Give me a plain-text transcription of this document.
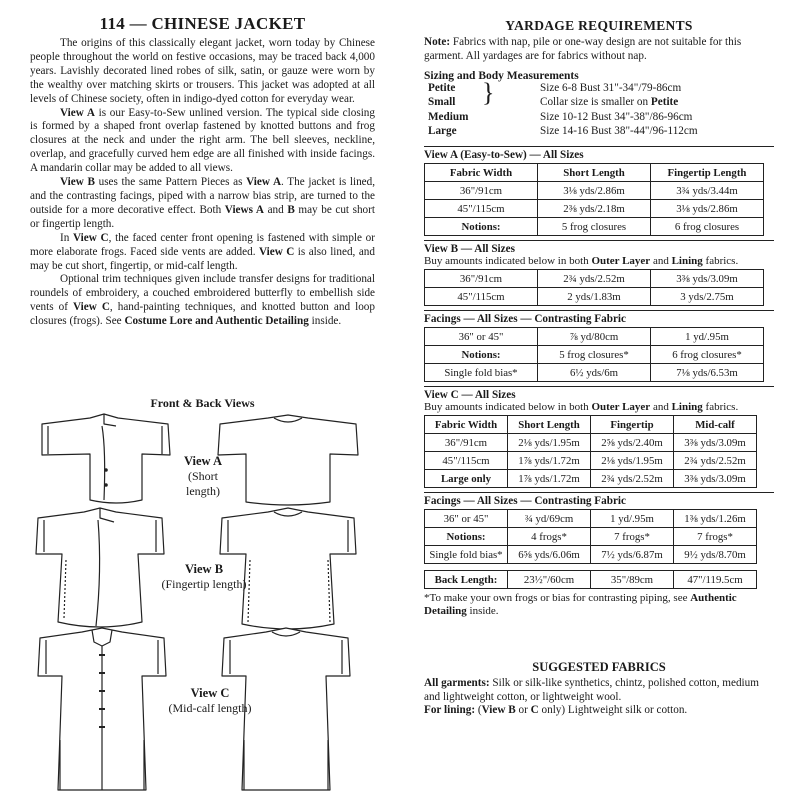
114 — CHINESE JACKET

The origins of this classically elegant jacket, worn today by Chinese people throughout the world on festive occasions, may be traced back 4,000 years. Lavishly decorated lined robes of silk, satin, or gauze were worn by the wealthy over matching skirts or trousers. This jacket was adopted at all levels of Chinese society, often in indigo-dyed cotton for everyday wear.

View A is our Easy-to-Sew unlined version. The typical side closing is formed by a shaped front overlap fastened by knotted buttons and frog closures at the neck and under the right arm. The bell sleeves, neckline, overlap, and gracefully curved hem edge are all finished with inside facings. A mandarin collar may be added to all views.

View B uses the same Pattern Pieces as View A. The jacket is lined, and the contrasting facings, piped with a narrow bias strip, are turned to the outside for a more decorative effect. Both Views A and B may be cut short or fingertip length.

In View C, the faced center front opening is fastened with simple or more elaborate frogs. Faced side vents are added. View C is also lined, and may be cut short, fingertip, or mid-calf length.

Optional trim techniques given include transfer designs for traditional roundels of embroidery, a couched embroidered butterfly to embellish side vents of View C, hand-painting techniques, and knotted button and loop closures (frogs). See Costume Lore and Authentic Detailing inside.

Front & Back Views
View A
(Short length)
View B
(Fingertip length)
View C
(Mid-calf length)
YARDAGE REQUIREMENTS
Note: Fabrics with nap, pile or one-way design are not suitable for this garment. All yardages are for fabrics without nap.
Sizing and Body Measurements
Petite	Size 6-8 Bust 31"-34"/79-86cm
Small	Collar size is smaller on Petite
}
Medium	Size 10-12 Bust 34"-38"/86-96cm
Large	Size 14-16 Bust 38"-44"/96-112cm
View A (Easy-to-Sew) — All Sizes
Fabric Width	Short Length	Fingertip Length
36"/91cm	3⅛ yds/2.86m	3¾ yds/3.44m
45"/115cm	2⅜ yds/2.18m	3⅛ yds/2.86m
Notions:	5 frog closures	6 frog closures
View B — All Sizes
Buy amounts indicated below in both Outer Layer and Lining fabrics.
36"/91cm	2¾ yds/2.52m	3⅜ yds/3.09m
45"/115cm	2 yds/1.83m	3 yds/2.75m
Facings — All Sizes — Contrasting Fabric
36" or 45"	⅞ yd/80cm	1 yd/.95m
Notions:	5 frog closures*	6 frog closures*
Single fold bias*	6½ yds/6m	7⅛ yds/6.53m
View C — All Sizes
Buy amounts indicated below in both Outer Layer and Lining fabrics.
Fabric Width	Short Length	Fingertip	Mid-calf
36"/91cm	2⅛ yds/1.95m	2⅝ yds/2.40m	3⅜ yds/3.09m
45"/115cm	1⅞ yds/1.72m	2⅛ yds/1.95m	2¾ yds/2.52m
Large only	1⅞ yds/1.72m	2¾ yds/2.52m	3⅜ yds/3.09m
Facings — All Sizes — Contrasting Fabric
36" or 45"	¾ yd/69cm	1 yd/.95m	1⅜ yds/1.26m
Notions:	4 frogs*	7 frogs*	7 frogs*
Single fold bias*	6⅝ yds/6.06m	7½ yds/6.87m	9½ yds/8.70m
Back Length:	23½"/60cm	35"/89cm	47"/119.5cm
*To make your own frogs or bias for contrasting piping, see Authentic Detailing inside.
SUGGESTED FABRICS
All garments: Silk or silk-like synthetics, chintz, polished cotton, medium and lightweight cotton, or lightweight wool.
For lining: (View B or C only) Lightweight silk or cotton.
